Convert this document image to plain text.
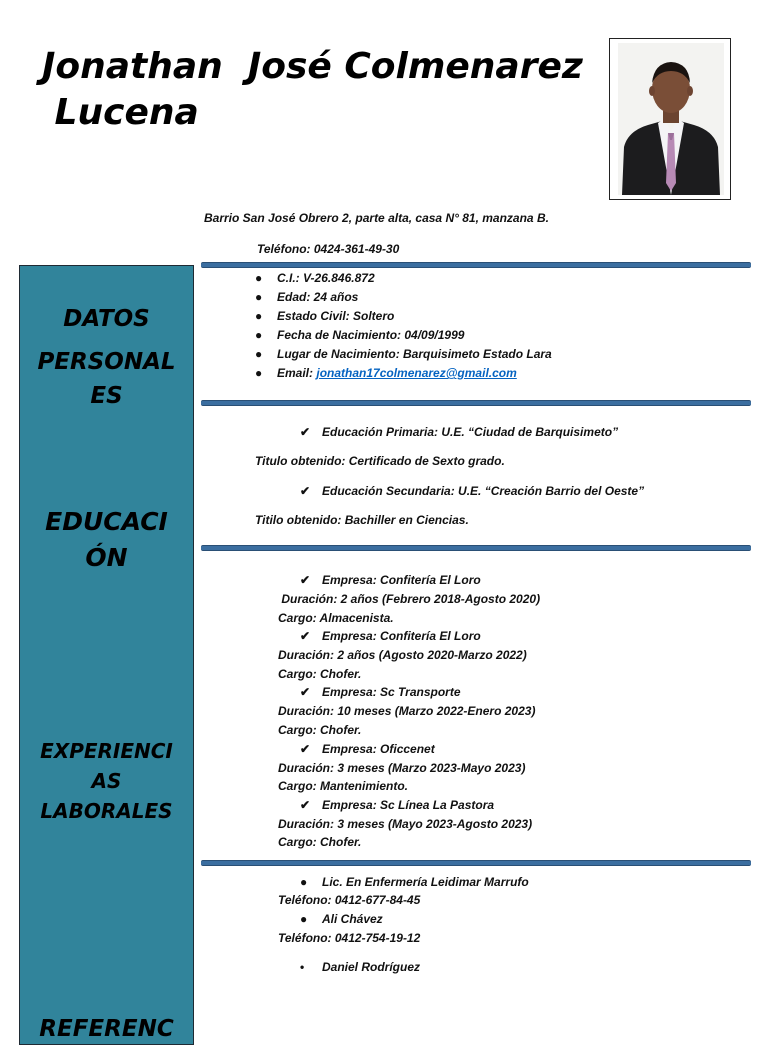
Jonathan  José Colmenarez
Lucena

Barrio San José Obrero 2, parte alta, casa N° 81, manzana B.

Teléfono: 0424-361-49-30

DATOS
PERSONAL
ES
EDUCACI
ÓN
EXPERIENCI
AS
LABORALES
REFERENC

● C.I.: V-26.846.872

● Edad: 24 años

● Estado Civil: Soltero

● Fecha de Nacimiento: 04/09/1999

● Lugar de Nacimiento: Barquisimeto Estado Lara

● Email: jonathan17colmenarez@gmail.com

✔ Educación Primaria: U.E. “Ciudad de Barquisimeto”

Titulo obtenido: Certificado de Sexto grado.

✔ Educación Secundaria: U.E. “Creación Barrio del Oeste”

Titilo obtenido: Bachiller en Ciencias.

✔ Empresa: Confitería El Loro

Duración: 2 años (Febrero 2018-Agosto 2020)

Cargo: Almacenista.

✔ Empresa: Confitería El Loro

Duración: 2 años (Agosto 2020-Marzo 2022)

Cargo: Chofer.

✔ Empresa: Sc Transporte

Duración: 10 meses (Marzo 2022-Enero 2023)

Cargo: Chofer.

✔ Empresa: Oficcenet

Duración: 3 meses (Marzo 2023-Mayo 2023)

Cargo: Mantenimiento.

✔ Empresa: Sc Línea La Pastora

Duración: 3 meses (Mayo 2023-Agosto 2023)

Cargo: Chofer.

● Lic. En Enfermería Leidimar Marrufo

Teléfono: 0412-677-84-45

● Ali Chávez

Teléfono: 0412-754-19-12

• Daniel Rodríguez
